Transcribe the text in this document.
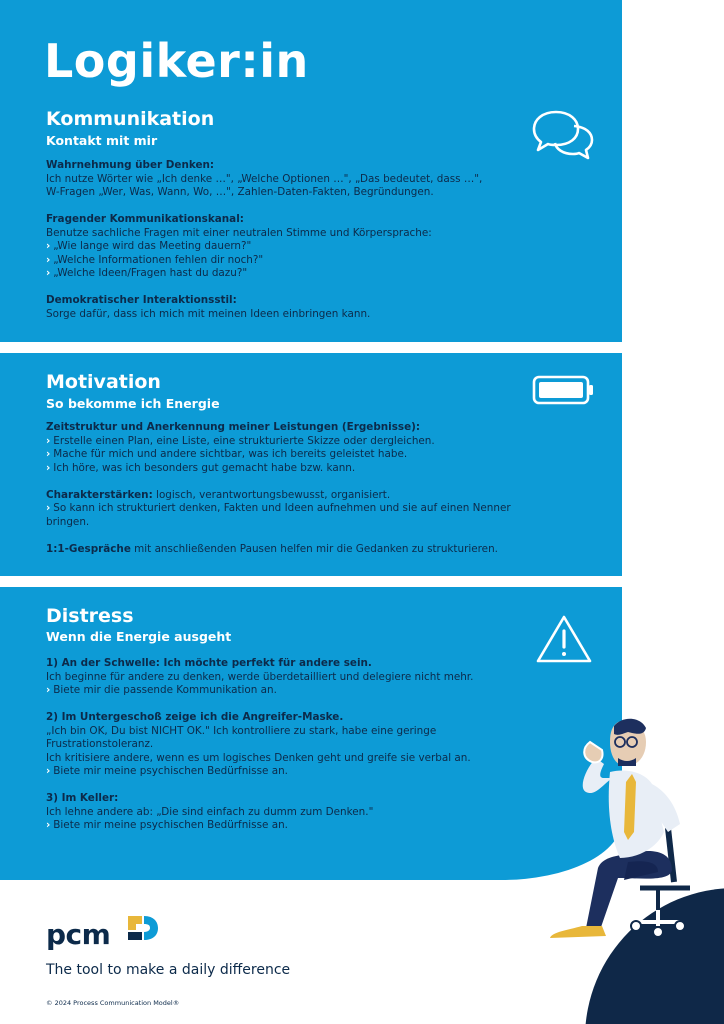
Logiker:in
Kommunikation
Kontakt mit mir

Wahrnehmung über Denken:

Ich nutze Wörter wie „Ich denke …", „Welche Optionen …", „Das bedeutet, dass …",

W-Fragen „Wer, Was, Wann, Wo, …", Zahlen-Daten-Fakten, Begründungen.

Fragender Kommunikationskanal:

Benutze sachliche Fragen mit einer neutralen Stimme und Körpersprache:

› „Wie lange wird das Meeting dauern?"

› „Welche Informationen fehlen dir noch?"

› „Welche Ideen/Fragen hast du dazu?"

Demokratischer Interaktionsstil:

Sorge dafür, dass ich mich mit meinen Ideen einbringen kann.

Motivation
So bekomme ich Energie

Zeitstruktur und Anerkennung meiner Leistungen (Ergebnisse):

› Erstelle einen Plan, eine Liste, eine strukturierte Skizze oder dergleichen.

› Mache für mich und andere sichtbar, was ich bereits geleistet habe.

› Ich höre, was ich besonders gut gemacht habe bzw. kann.

Charakterstärken: logisch, verantwortungsbewusst, organisiert.

› So kann ich strukturiert denken, Fakten und Ideen aufnehmen und sie auf einen Nenner

bringen.

1:1-Gespräche mit anschließenden Pausen helfen mir die Gedanken zu strukturieren.

Distress
Wenn die Energie ausgeht

1) An der Schwelle: Ich möchte perfekt für andere sein.

Ich beginne für andere zu denken, werde überdetailliert und delegiere nicht mehr.

› Biete mir die passende Kommunikation an.

2) Im Untergeschoß zeige ich die Angreifer-Maske.

„Ich bin OK, Du bist NICHT OK." Ich kontrolliere zu stark, habe eine geringe

Frustrationstoleranz.

Ich kritisiere andere, wenn es um logisches Denken geht und greife sie verbal an.

› Biete mir meine psychischen Bedürfnisse an.

3) Im Keller:

Ich lehne andere ab: „Die sind einfach zu dumm zum Denken."

› Biete mir meine psychischen Bedürfnisse an.

pcm
The tool to make a daily difference
© 2024 Process Communication Model®
